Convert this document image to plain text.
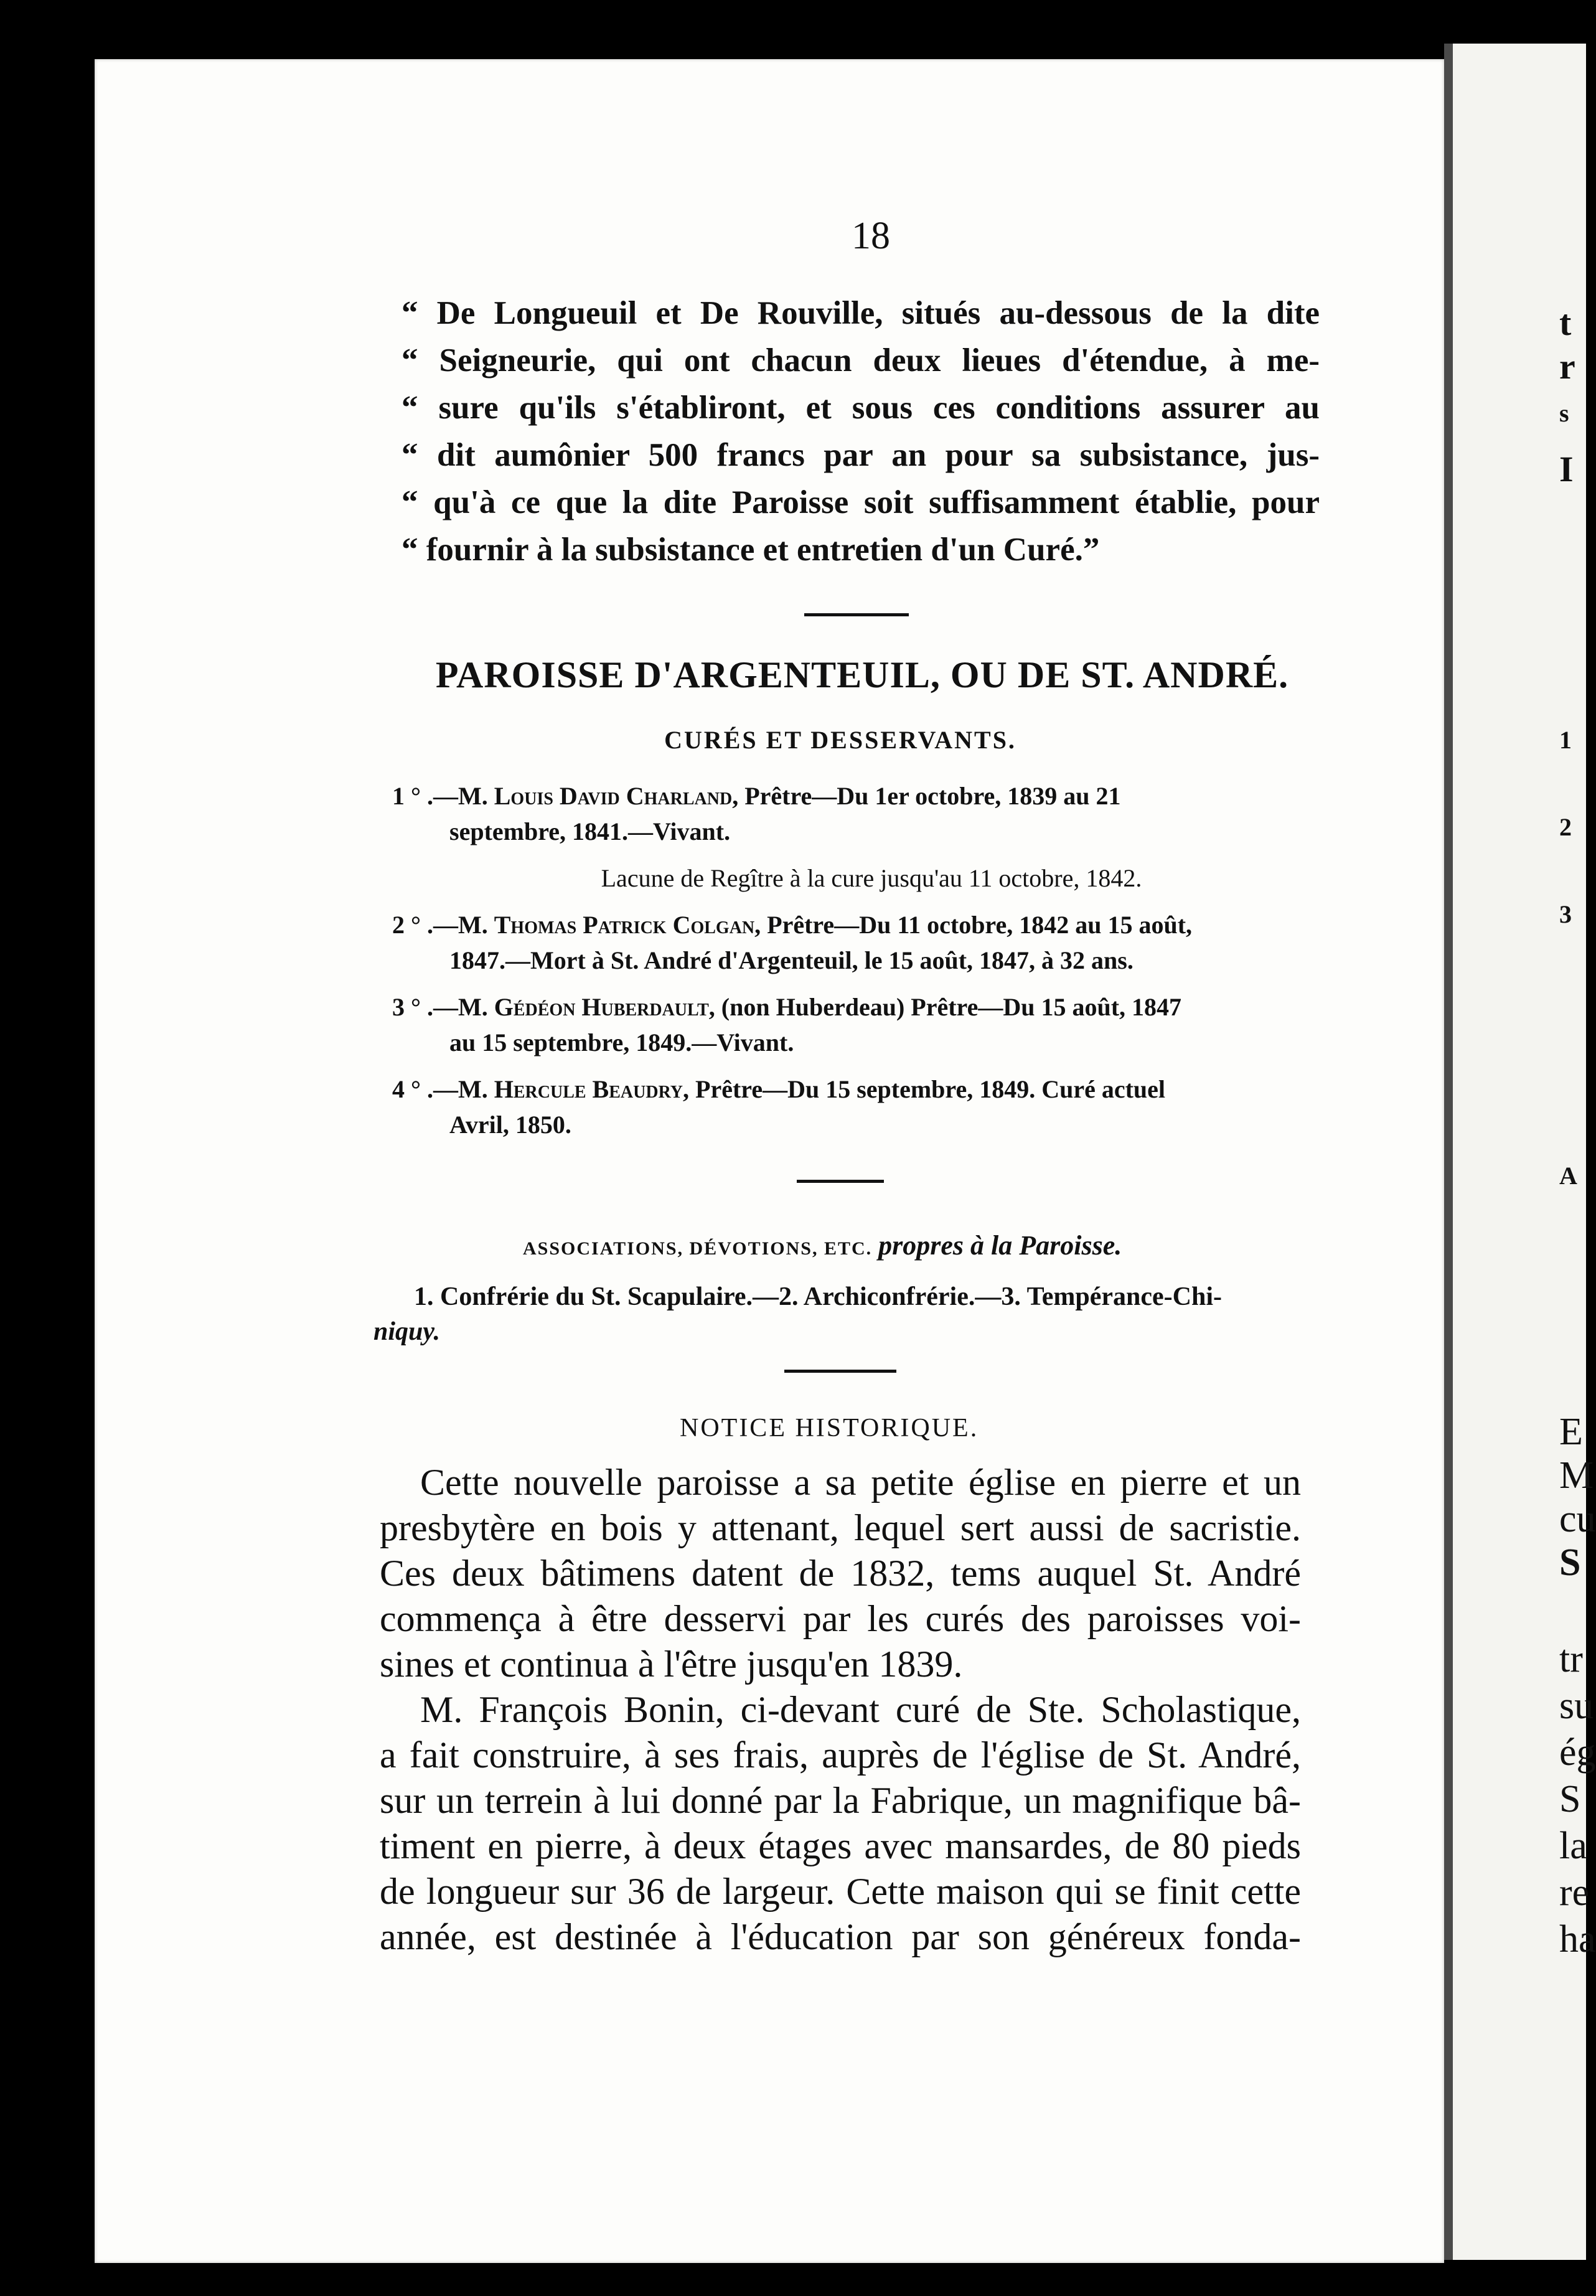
t
r
s
I
1
2
3
A
E
M
cu
S
tr
su
ég
S
la
re
ha
18

“ De Longueuil et De Rouville, situés au-dessous de la dite

“ Seigneurie, qui ont chacun deux lieues d'étendue, à me-

“ sure qu'ils s'établiront, et sous ces conditions assurer au

“ dit aumônier 500 francs par an pour sa subsistance, jus-

“ qu'à ce que la dite Paroisse soit suffisamment établie, pour

“ fournir à la subsistance et entretien d'un Curé.”

PAROISSE D'ARGENTEUIL, OU DE ST. ANDRÉ.
CURÉS ET DESSERVANTS.
1 ° .—M. Louis David Charland, Prêtre—Du 1er octobre, 1839 au 21
septembre, 1841.—Vivant.
Lacune de Regître à la cure jusqu'au 11 octobre, 1842.
2 ° .—M. Thomas Patrick Colgan, Prêtre—Du 11 octobre, 1842 au 15 août,
1847.—Mort à St. André d'Argenteuil, le 15 août, 1847, à 32 ans.
3 ° .—M. Gédéon Huberdault, (non Huberdeau) Prêtre—Du 15 août, 1847
au 15 septembre, 1849.—Vivant.
4 ° .—M. Hercule Beaudry, Prêtre—Du 15 septembre, 1849. Curé actuel
Avril, 1850.
ASSOCIATIONS, DÉVOTIONS, ETC. propres à la Paroisse.
1. Confrérie du St. Scapulaire.—2. Archiconfrérie.—3. Tempérance-Chi-
niquy.
NOTICE HISTORIQUE.
Cette nouvelle paroisse a sa petite église en pierre et un
presbytère en bois y attenant, lequel sert aussi de sacristie.
Ces deux bâtimens datent de 1832, tems auquel St. André
commença à être desservi par les curés des paroisses voi-
sines et continua à l'être jusqu'en 1839.
M. François Bonin, ci-devant curé de Ste. Scholastique,
a fait construire, à ses frais, auprès de l'église de St. André,
sur un terrein à lui donné par la Fabrique, un magnifique bâ-
timent en pierre, à deux étages avec mansardes, de 80 pieds
de longueur sur 36 de largeur. Cette maison qui se finit cette
année, est destinée à l'éducation par son généreux fonda-
